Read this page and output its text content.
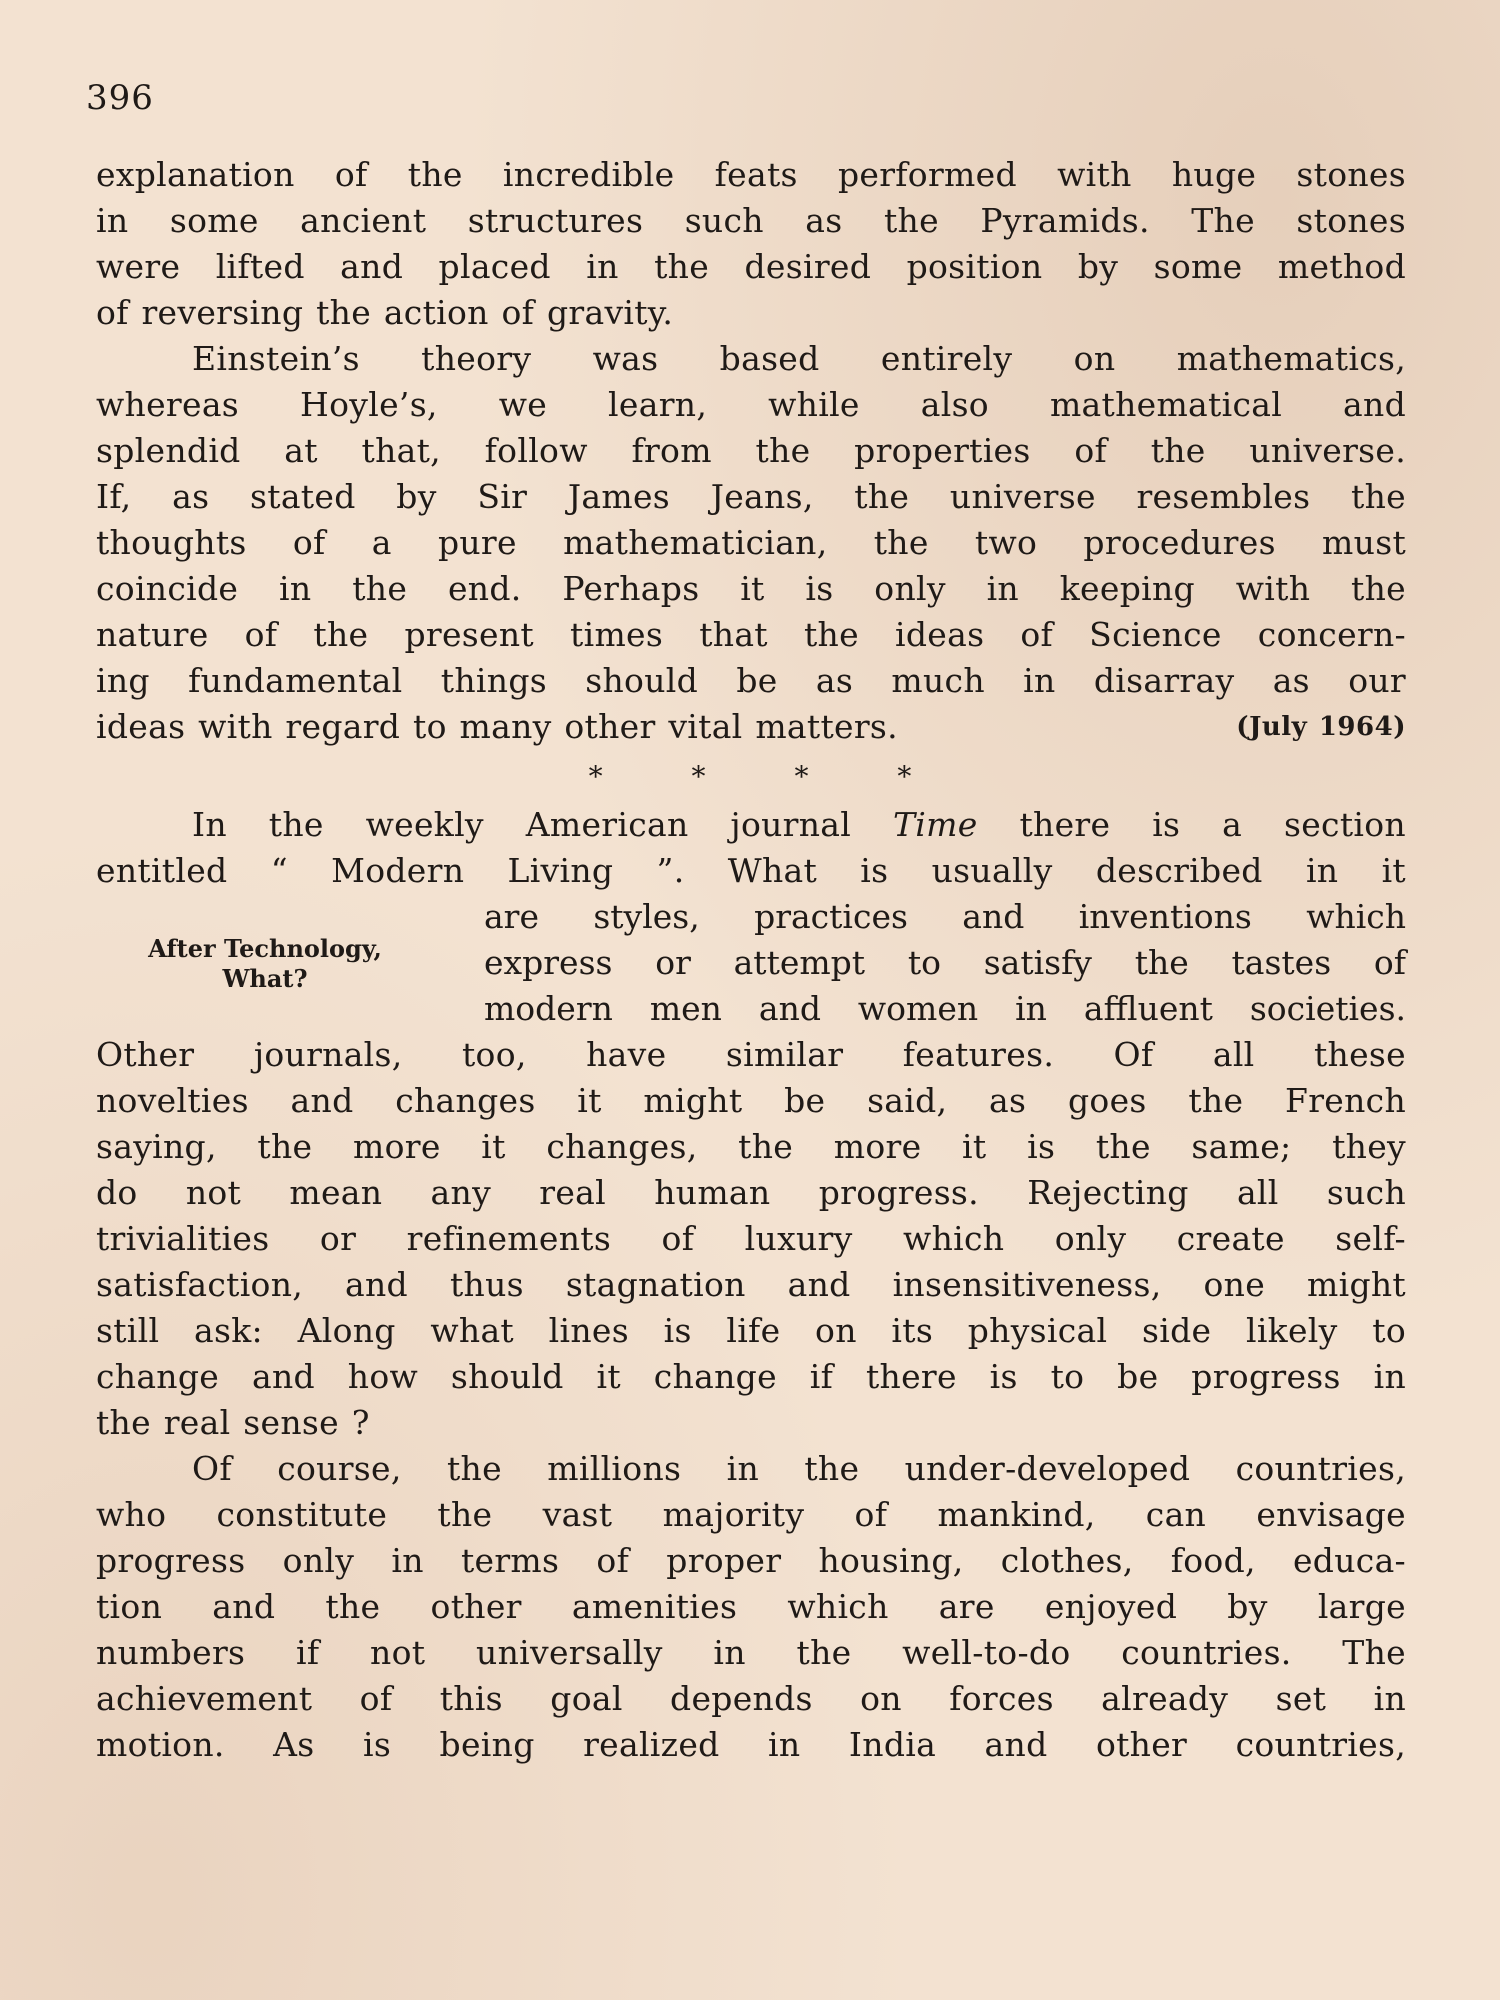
396
explanation of the incredible feats performed with huge stones
in some ancient structures such as the Pyramids. The stones
were lifted and placed in the desired position by some method
of reversing the action of gravity.
Einstein’s theory was based entirely on mathematics,
whereas Hoyle’s, we learn, while also mathematical and
splendid at that, follow from the properties of the universe.
If, as stated by Sir James Jeans, the universe resembles the
thoughts of a pure mathematician, the two procedures must
coincide in the end. Perhaps it is only in keeping with the
nature of the present times that the ideas of Science concern-
ing fundamental things should be as much in disarray as our
ideas with regard to many other vital matters.	(July 1964)
*	*	*	*
In the weekly American journal Time there is a section
entitled “ Modern Living ”. What is usually described in it
After Technology,
What?
are styles, practices and inventions which
express or attempt to satisfy the tastes of
modern men and women in affluent societies.
Other journals, too, have similar features. Of all these
novelties and changes it might be said, as goes the French
saying, the more it changes, the more it is the same; they
do not mean any real human progress. Rejecting all such
trivialities or refinements of luxury which only create self-
satisfaction, and thus stagnation and insensitiveness, one might
still ask: Along what lines is life on its physical side likely to
change and how should it change if there is to be progress in
the real sense ?
Of course, the millions in the under-developed countries,
who constitute the vast majority of mankind, can envisage
progress only in terms of proper housing, clothes, food, educa-
tion and the other amenities which are enjoyed by large
numbers if not universally in the well-to-do countries. The
achievement of this goal depends on forces already set in
motion. As is being realized in India and other countries,
